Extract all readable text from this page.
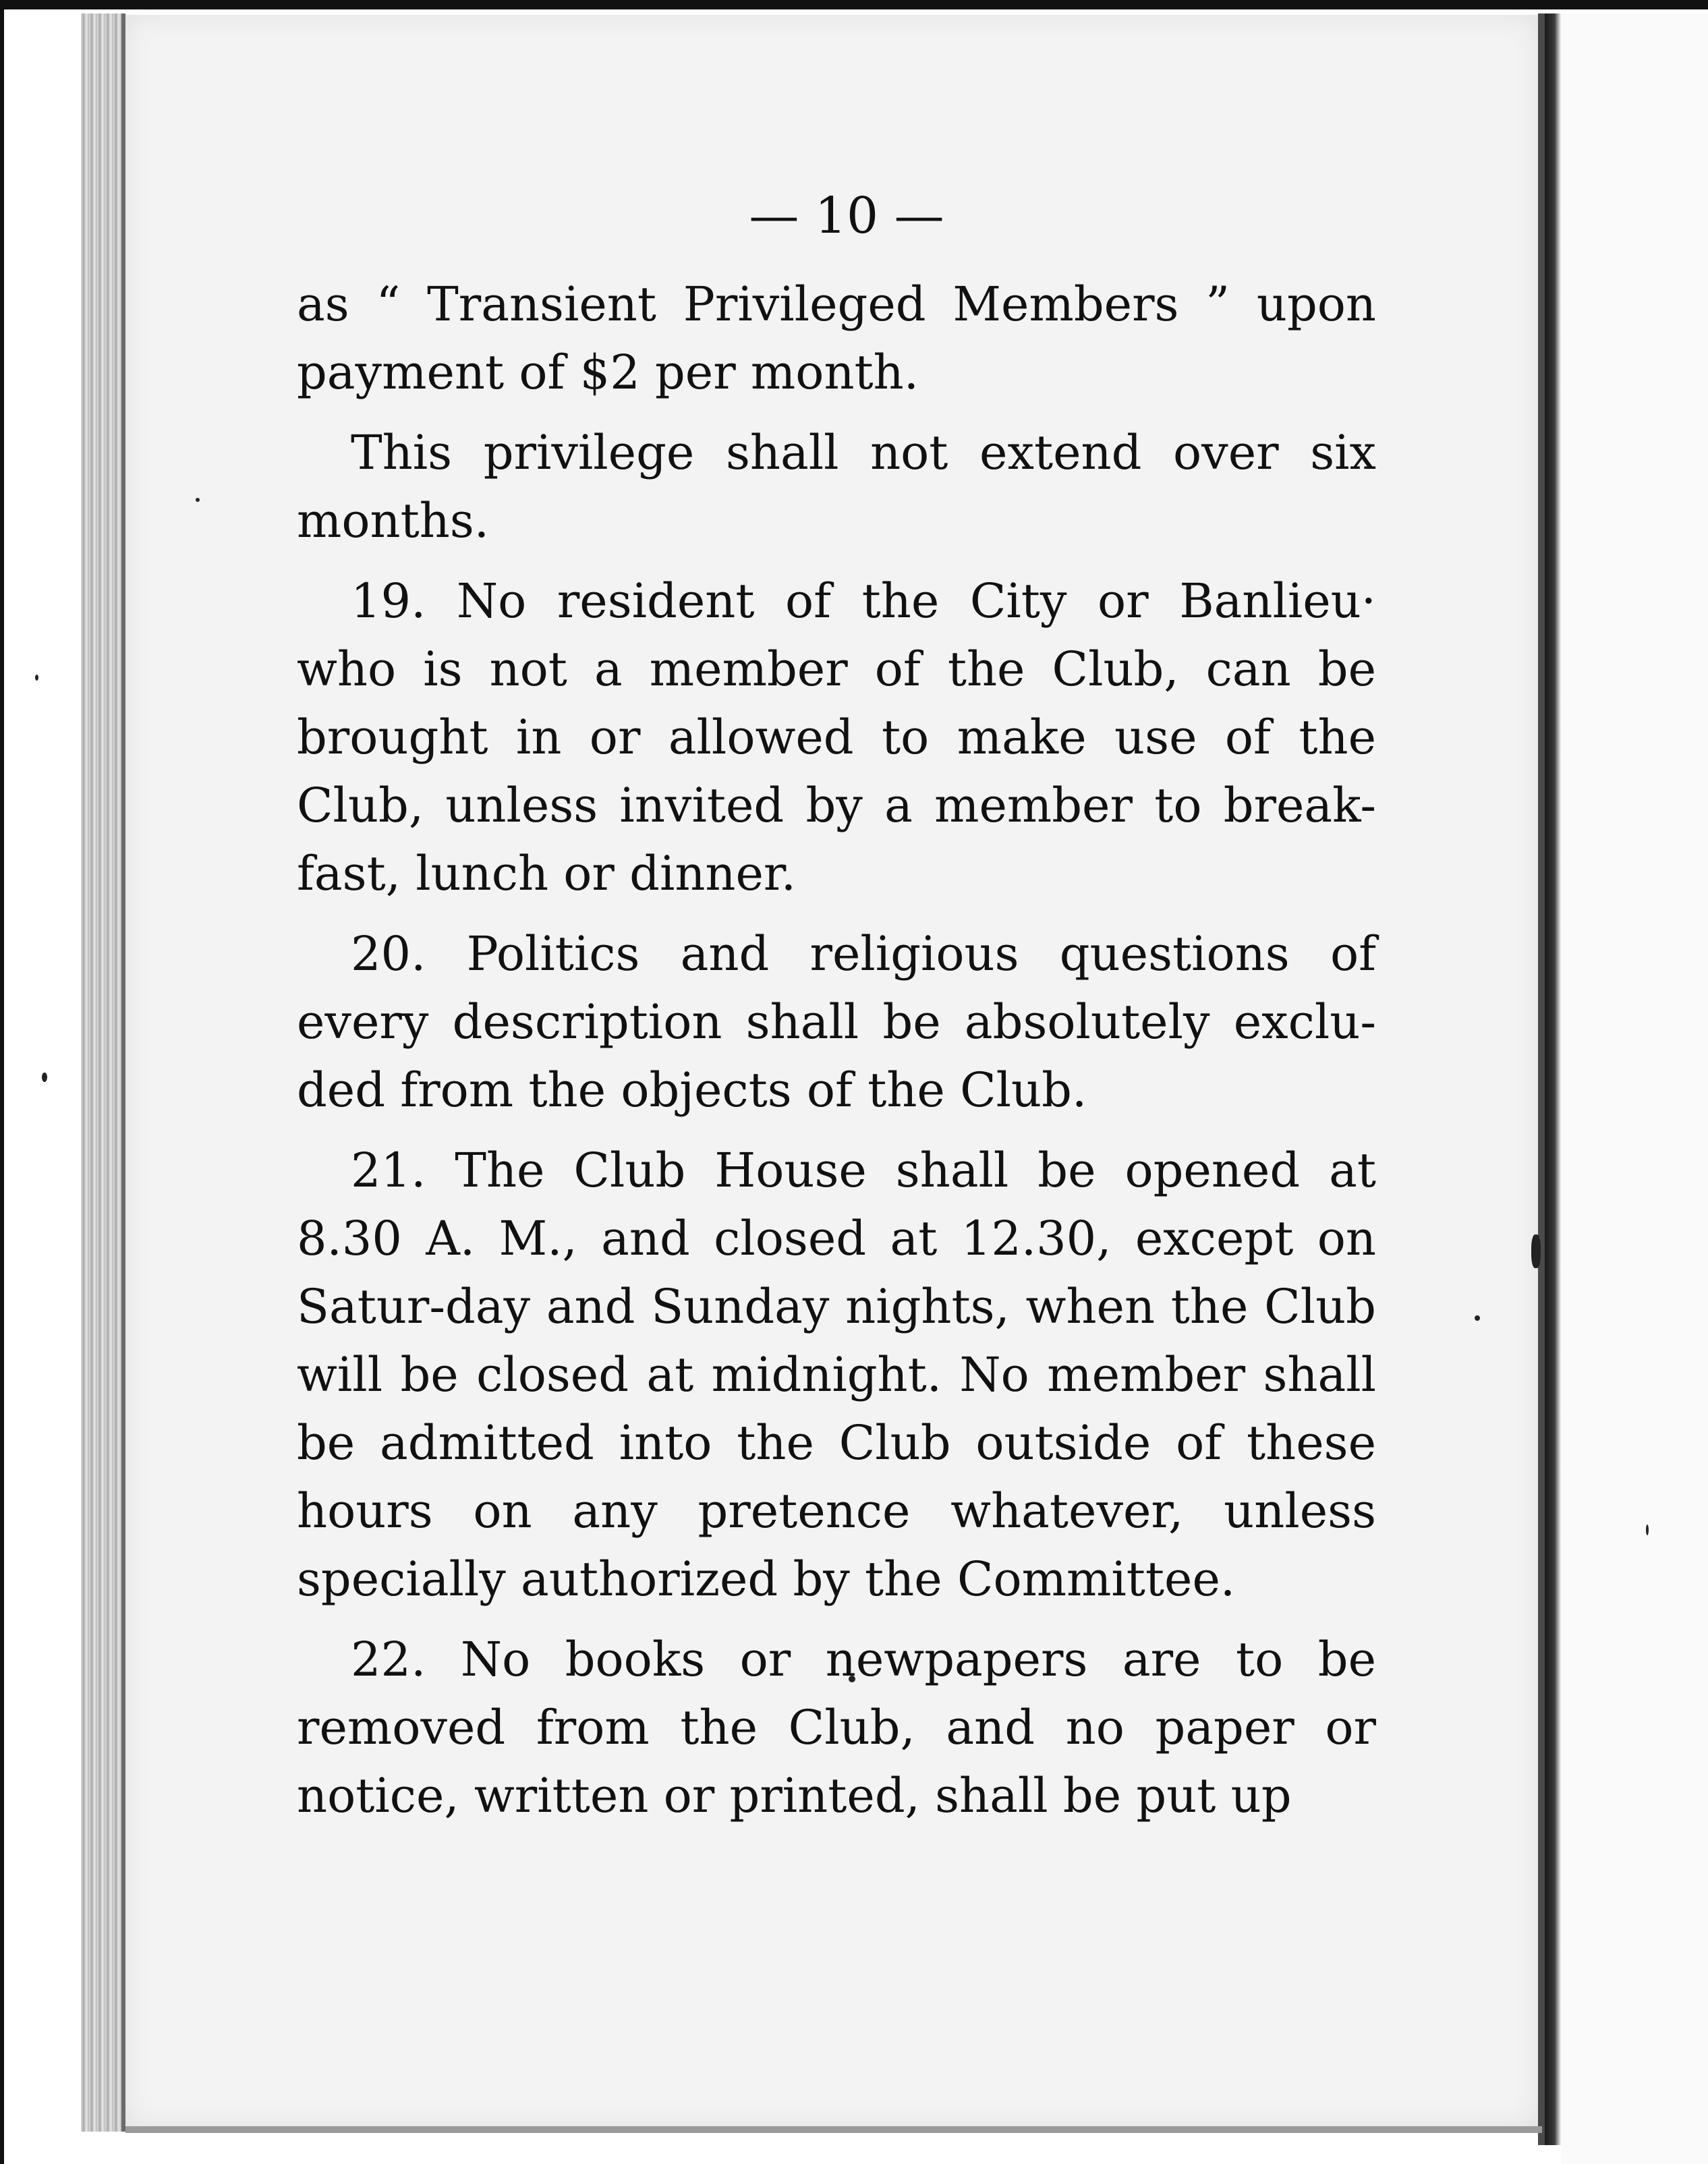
— 10 —

as “ Transient Privileged Members ” upon payment of $2 per month.

This privilege shall not extend over six months.

19. No resident of the City or Banlieu· who is not a member of the Club, can be brought in or allowed to make use of the Club, unless invited by a member to break-fast, lunch or dinner.

20. Politics and religious questions of every description shall be absolutely exclu-ded from the objects of the Club.

21. The Club House shall be opened at 8.30 A. M., and closed at 12.30, except on Satur-day and Sunday nights, when the Club will be closed at midnight. No member shall be admitted into the Club outside of these hours on any pretence whatever, unless specially authorized by the Committee.

22. No books or newpapers are to be removed from the Club, and no paper or notice, written or printed, shall be put up
